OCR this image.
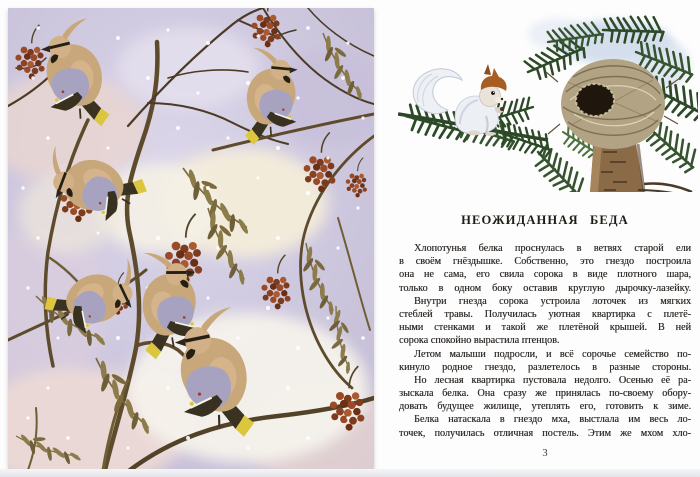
НЕОЖИДАННАЯ БЕДА
Хлопотунья белка проснулась в ветвях старой ели
в своём гнёздышке. Собственно, это гнездо построила
она не сама, его свила сорока в виде плотного шара,
только в одном боку оставив круглую дырочку-лазейку.
Внутри гнезда сорока устроила лоточек из мягких
стеблей травы. Получилась уютная квартирка с плетё-
ными стенками и такой же плетёной крышей. В ней
сорока спокойно вырастила птенцов.
Летом малыши подросли, и всё сорочье семейство по-
кинуло родное гнездо, разлетелось в разные стороны.
Но лесная квартирка пустовала недолго. Осенью её ра-
зыскала белка. Она сразу же принялась по-своему обору-
довать будущее жилище, утеплять его, готовить к зиме.
Белка натаскала в гнездо мха, выстлала им весь ло-
точек, получилась отличная постель. Этим же мхом хло-
3
